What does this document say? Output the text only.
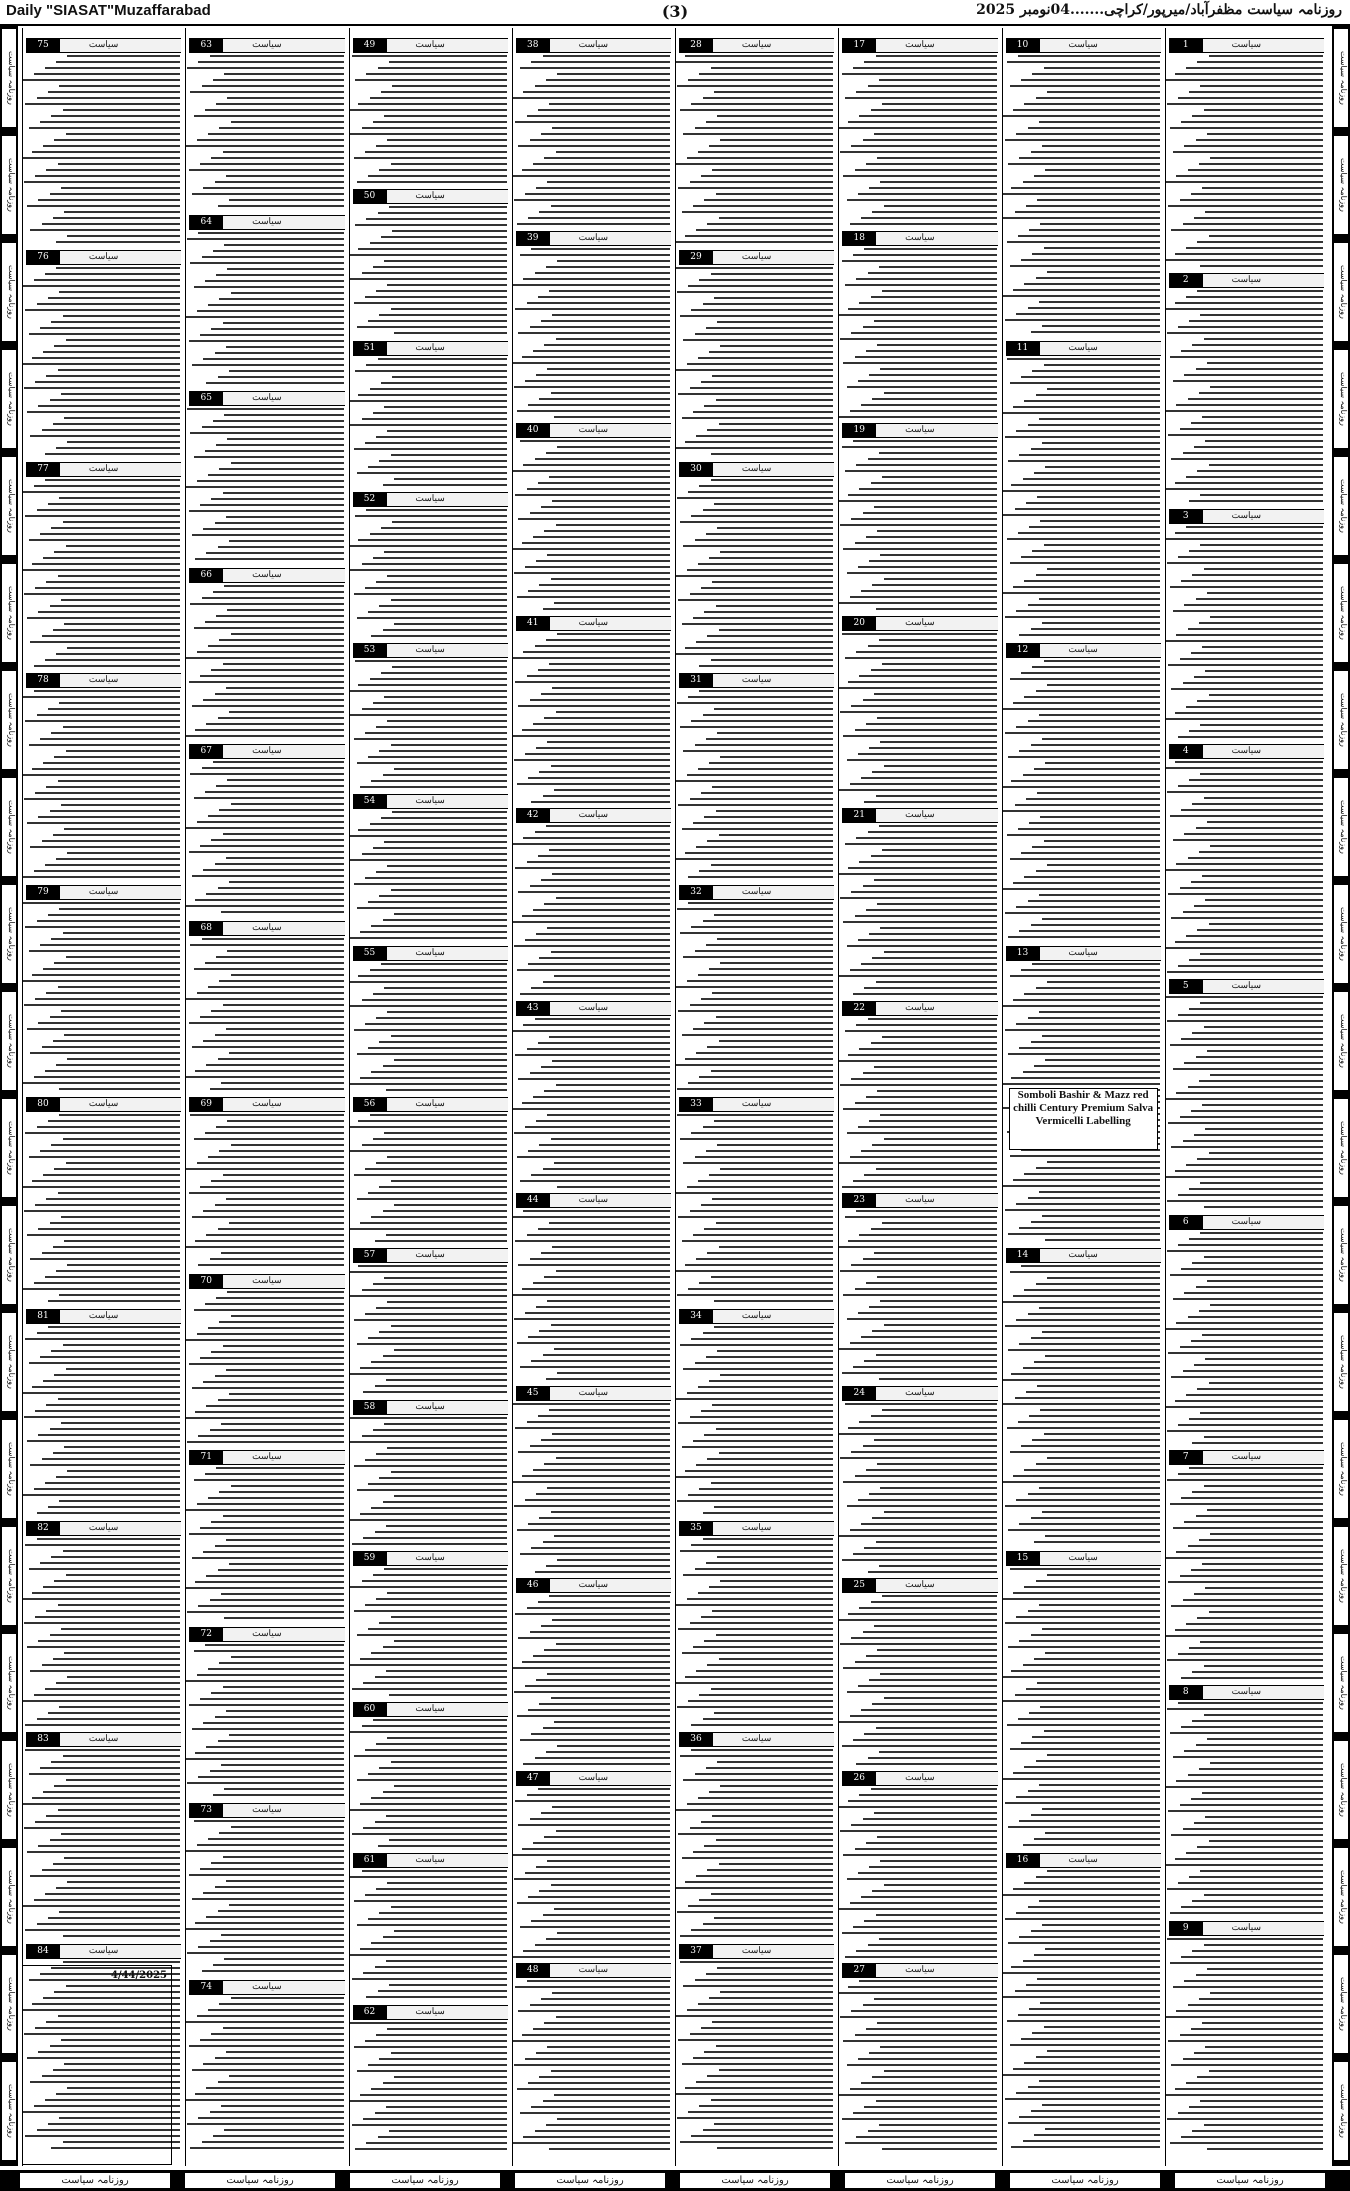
Daily "SIASAT"Muzaffarabad	(3)	روزنامہ سیاست مظفرآباد/میرپور/کراچی.......04نومبر 2025
روزنامہ سیاست
روزنامہ سیاست
روزنامہ سیاست
روزنامہ سیاست
روزنامہ سیاست
روزنامہ سیاست
روزنامہ سیاست
روزنامہ سیاست
روزنامہ سیاست
روزنامہ سیاست
روزنامہ سیاست
روزنامہ سیاست
روزنامہ سیاست
روزنامہ سیاست
روزنامہ سیاست
روزنامہ سیاست
روزنامہ سیاست
روزنامہ سیاست
روزنامہ سیاست
روزنامہ سیاست
روزنامہ سیاست
روزنامہ سیاست
روزنامہ سیاست
روزنامہ سیاست
روزنامہ سیاست
روزنامہ سیاست
روزنامہ سیاست
روزنامہ سیاست
روزنامہ سیاست
روزنامہ سیاست
روزنامہ سیاست
روزنامہ سیاست
روزنامہ سیاست
روزنامہ سیاست
روزنامہ سیاست
روزنامہ سیاست
روزنامہ سیاست
روزنامہ سیاست
روزنامہ سیاست
روزنامہ سیاست
75	سیاست
76	سیاست
77	سیاست
78	سیاست
79	سیاست
80	سیاست
81	سیاست
82	سیاست
83	سیاست
84	سیاست
63	سیاست
64	سیاست
65	سیاست
66	سیاست
67	سیاست
68	سیاست
69	سیاست
70	سیاست
71	سیاست
72	سیاست
73	سیاست
74	سیاست
49	سیاست
50	سیاست
51	سیاست
52	سیاست
53	سیاست
54	سیاست
55	سیاست
56	سیاست
57	سیاست
58	سیاست
59	سیاست
60	سیاست
61	سیاست
62	سیاست
38	سیاست
39	سیاست
40	سیاست
41	سیاست
42	سیاست
43	سیاست
44	سیاست
45	سیاست
46	سیاست
47	سیاست
48	سیاست
28	سیاست
29	سیاست
30	سیاست
31	سیاست
32	سیاست
33	سیاست
34	سیاست
35	سیاست
36	سیاست
37	سیاست
17	سیاست
18	سیاست
19	سیاست
20	سیاست
21	سیاست
22	سیاست
23	سیاست
24	سیاست
25	سیاست
26	سیاست
27	سیاست
10	سیاست
11	سیاست
12	سیاست
13	سیاست
14	سیاست
15	سیاست
16	سیاست
Somboli Bashir & Mazz red chilli Century Premium Salva Vermicelli Labelling
1	سیاست
2	سیاست
3	سیاست
4	سیاست
5	سیاست
6	سیاست
7	سیاست
8	سیاست
9	سیاست
4/44/2025
روزنامہ سیاست	روزنامہ سیاست	روزنامہ سیاست	روزنامہ سیاست	روزنامہ سیاست	روزنامہ سیاست	روزنامہ سیاست	روزنامہ سیاست
